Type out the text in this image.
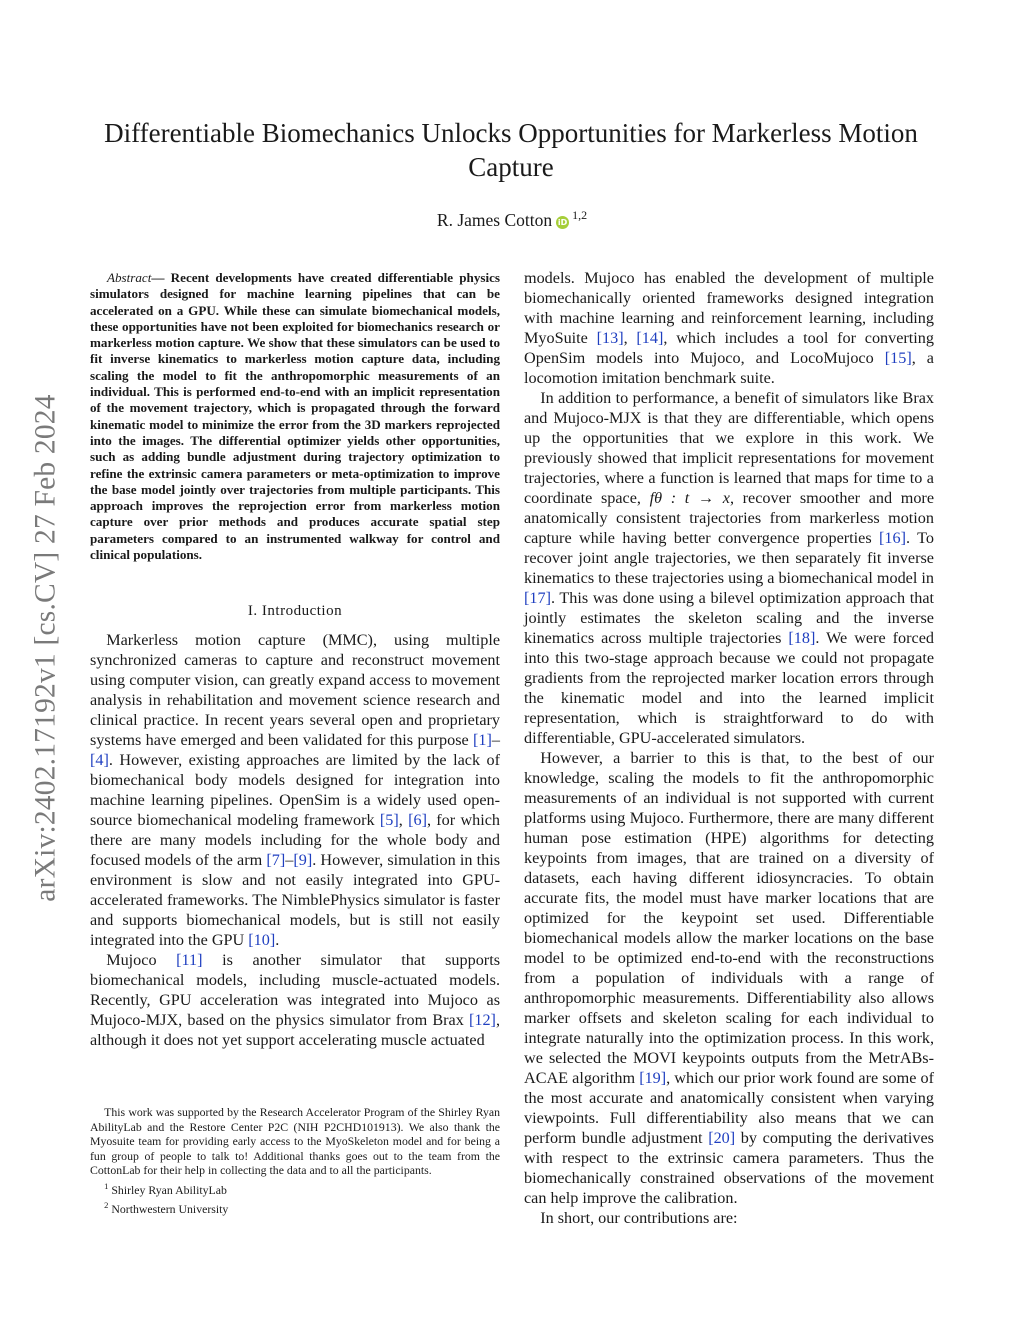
arXiv:2402.17192v1 [cs.CV] 27 Feb 2024
Differentiable Biomechanics Unlocks Opportunities for Markerless Motion Capture
R. James Cotton iD$^{1,2}$

Abstract— Recent developments have created differentiable physics simulators designed for machine learning pipelines that can be accelerated on a GPU. While these can simulate biomechanical models, these opportunities have not been exploited for biomechanics research or markerless motion capture. We show that these simulators can be used to fit inverse kinematics to markerless motion capture data, including scaling the model to fit the anthropomorphic measurements of an individual. This is performed end-to-end with an implicit representation of the movement trajectory, which is propagated through the forward kinematic model to minimize the error from the 3D markers reprojected into the images. The differential optimizer yields other opportunities, such as adding bundle adjustment during trajectory optimization to refine the extrinsic camera parameters or meta-optimization to improve the base model jointly over trajectories from multiple participants. This approach improves the reprojection error from markerless motion capture over prior methods and produces accurate spatial step parameters compared to an instrumented walkway for control and clinical populations.

I. Introduction

Markerless motion capture (MMC), using multiple synchronized cameras to capture and reconstruct movement using computer vision, can greatly expand access to movement analysis in rehabilitation and movement science research and clinical practice. In recent years several open and proprietary systems have emerged and been validated for this purpose [1]–[4]. However, existing approaches are limited by the lack of biomechanical body models designed for integration into machine learning pipelines. OpenSim is a widely used open-source biomechanical modeling framework [5], [6], for which there are many models including for the whole body and focused models of the arm [7]–[9]. However, simulation in this environment is slow and not easily integrated into GPU-accelerated frameworks. The NimblePhysics simulator is faster and supports biomechanical models, but is still not easily integrated into the GPU [10].

Mujoco [11] is another simulator that supports biomechanical models, including muscle-actuated models. Recently, GPU acceleration was integrated into Mujoco as Mujoco-MJX, based on the physics simulator from Brax [12], although it does not yet support accelerating muscle actuated

This work was supported by the Research Accelerator Program of the Shirley Ryan AbilityLab and the Restore Center P2C (NIH P2CHD101913). We also thank the Myosuite team for providing early access to the MyoSkeleton model and for being a fun group of people to talk to! Additional thanks goes out to the team from the CottonLab for their help in collecting the data and to all the participants.

$^1$ Shirley Ryan AbilityLab

$^2$ Northwestern University

models. Mujoco has enabled the development of multiple biomechanically oriented frameworks designed integration with machine learning and reinforcement learning, including MyoSuite [13], [14], which includes a tool for converting OpenSim models into Mujoco, and LocoMujoco [15], a locomotion imitation benchmark suite.

In addition to performance, a benefit of simulators like Brax and Mujoco-MJX is that they are differentiable, which opens up the opportunities that we explore in this work. We previously showed that implicit representations for movement trajectories, where a function is learned that maps for time to a coordinate space, fθ : t → x, recover smoother and more anatomically consistent trajectories from markerless motion capture while having better convergence properties [16]. To recover joint angle trajectories, we then separately fit inverse kinematics to these trajectories using a biomechanical model in [17]. This was done using a bilevel optimization approach that jointly estimates the skeleton scaling and the inverse kinematics across multiple trajectories [18]. We were forced into this two-stage approach because we could not propagate gradients from the reprojected marker location errors through the kinematic model and into the learned implicit representation, which is straightforward to do with differentiable, GPU-accelerated simulators.

However, a barrier to this is that, to the best of our knowledge, scaling the models to fit the anthropomorphic measurements of an individual is not supported with current platforms using Mujoco. Furthermore, there are many different human pose estimation (HPE) algorithms for detecting keypoints from images, that are trained on a diversity of datasets, each having different idiosyncracies. To obtain accurate fits, the model must have marker locations that are optimized for the keypoint set used. Differentiable biomechanical models allow the marker locations on the base model to be optimized end-to-end with the reconstructions from a population of individuals with a range of anthropomorphic measurements. Differentiability also allows marker offsets and skeleton scaling for each individual to integrate naturally into the optimization process. In this work, we selected the MOVI keypoints outputs from the MetrABs-ACAE algorithm [19], which our prior work found are some of the most accurate and anatomically consistent when varying viewpoints. Full differentiability also means that we can perform bundle adjustment [20] by computing the derivatives with respect to the extrinsic camera parameters. Thus the biomechanically constrained observations of the movement can help improve the calibration.

In short, our contributions are:
